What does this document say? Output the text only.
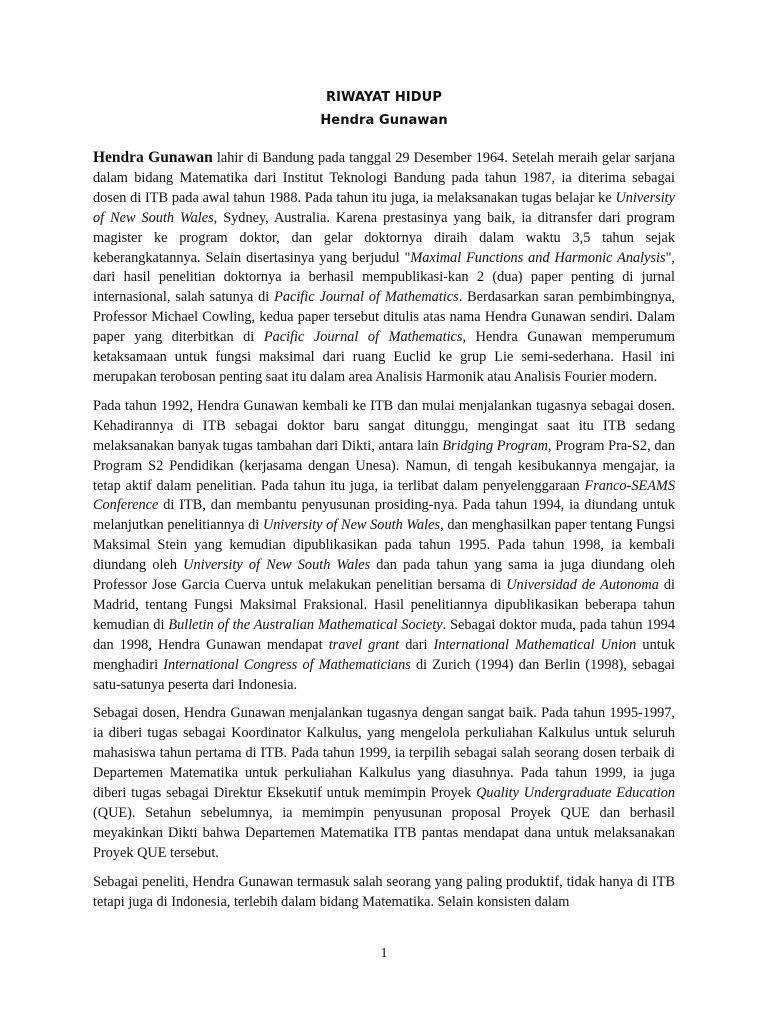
RIWAYAT HIDUP
Hendra Gunawan

Hendra Gunawan lahir di Bandung pada tanggal 29 Desember 1964. Setelah meraih gelar sarjana dalam bidang Matematika dari Institut Teknologi Bandung pada tahun 1987, ia diterima sebagai dosen di ITB pada awal tahun 1988. Pada tahun itu juga, ia melaksanakan tugas belajar ke University of New South Wales, Sydney, Australia. Karena prestasinya yang baik, ia ditransfer dari program magister ke program doktor, dan gelar doktornya diraih dalam waktu 3,5 tahun sejak keberangkatannya. Selain disertasinya yang berjudul "Maximal Functions and Harmonic Analysis", dari hasil penelitian doktornya ia berhasil mempublikasi-kan 2 (dua) paper penting di jurnal internasional, salah satunya di Pacific Journal of Mathematics. Berdasarkan saran pembimbingnya, Professor Michael Cowling, kedua paper tersebut ditulis atas nama Hendra Gunawan sendiri. Dalam paper yang diterbitkan di Pacific Journal of Mathematics, Hendra Gunawan memperumum ketaksamaan untuk fungsi maksimal dari ruang Euclid ke grup Lie semi-sederhana. Hasil ini merupakan terobosan penting saat itu dalam area Analisis Harmonik atau Analisis Fourier modern.

Pada tahun 1992, Hendra Gunawan kembali ke ITB dan mulai menjalankan tugasnya sebagai dosen. Kehadirannya di ITB sebagai doktor baru sangat ditunggu, mengingat saat itu ITB sedang melaksanakan banyak tugas tambahan dari Dikti, antara lain Bridging Program, Program Pra-S2, dan Program S2 Pendidikan (kerjasama dengan Unesa). Namun, di tengah kesibukannya mengajar, ia tetap aktif dalam penelitian. Pada tahun itu juga, ia terlibat dalam penyelenggaraan Franco-SEAMS Conference di ITB, dan membantu penyusunan prosiding-nya. Pada tahun 1994, ia diundang untuk melanjutkan penelitiannya di University of New South Wales, dan menghasilkan paper tentang Fungsi Maksimal Stein yang kemudian dipublikasikan pada tahun 1995. Pada tahun 1998, ia kembali diundang oleh University of New South Wales dan pada tahun yang sama ia juga diundang oleh Professor Jose Garcia Cuerva untuk melakukan penelitian bersama di Universidad de Autonoma di Madrid, tentang Fungsi Maksimal Fraksional. Hasil penelitiannya dipublikasikan beberapa tahun kemudian di Bulletin of the Australian Mathematical Society. Sebagai doktor muda, pada tahun 1994 dan 1998, Hendra Gunawan mendapat travel grant dari International Mathematical Union untuk menghadiri International Congress of Mathematicians di Zurich (1994) dan Berlin (1998), sebagai satu-satunya peserta dari Indonesia.

Sebagai dosen, Hendra Gunawan menjalankan tugasnya dengan sangat baik. Pada tahun 1995-1997, ia diberi tugas sebagai Koordinator Kalkulus, yang mengelola perkuliahan Kalkulus untuk seluruh mahasiswa tahun pertama di ITB. Pada tahun 1999, ia terpilih sebagai salah seorang dosen terbaik di Departemen Matematika untuk perkuliahan Kalkulus yang diasuhnya. Pada tahun 1999, ia juga diberi tugas sebagai Direktur Eksekutif untuk memimpin Proyek Quality Undergraduate Education (QUE). Setahun sebelumnya, ia memimpin penyusunan proposal Proyek QUE dan berhasil meyakinkan Dikti bahwa Departemen Matematika ITB pantas mendapat dana untuk melaksanakan Proyek QUE tersebut.

Sebagai peneliti, Hendra Gunawan termasuk salah seorang yang paling produktif, tidak hanya di ITB tetapi juga di Indonesia, terlebih dalam bidang Matematika. Selain konsisten dalam

1
